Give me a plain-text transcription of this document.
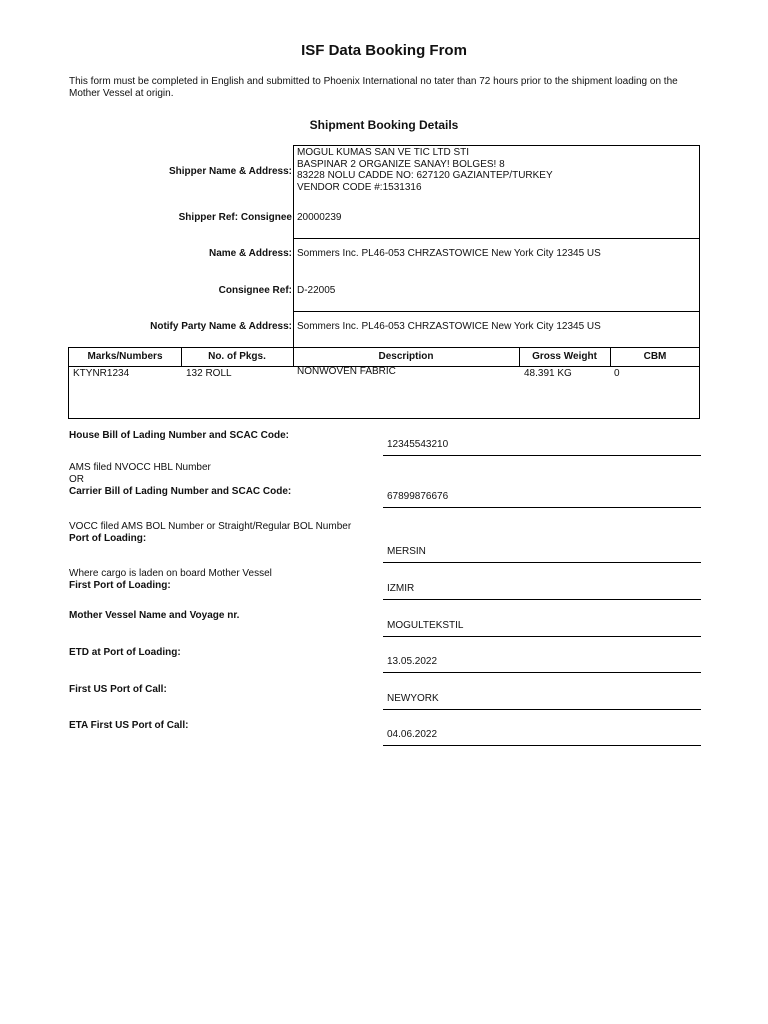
ISF Data Booking From
This form must be completed in English and submitted to Phoenix International no tater than 72 hours prior to the shipment loading on the Mother Vessel at origin.
Shipment Booking Details
Shipper Name & Address:
MOGUL KUMAS SAN VE TIC LTD STI
BASPINAR 2 ORGANIZE SANAY! BOLGES! 8
83228 NOLU CADDE NO: 627120 GAZIANTEP/TURKEY
VENDOR CODE #:1531316
Shipper Ref: Consignee 20000239
Name & Address: Sommers Inc. PL46-053 CHRZASTOWICE New York City 12345 US
Consignee Ref: D-22005
Notify Party Name & Address: Sommers Inc. PL46-053 CHRZASTOWICE New York City 12345 US
Marks/Numbers	No. of Pkgs.	Description	Gross Weight	CBM
KTYNR1234	132 ROLL	NONWOVEN FABRIC	48.391 KG	0
House Bill of Lading Number and SCAC Code:
12345543210
AMS filed NVOCC HBL Number
OR
Carrier Bill of Lading Number and SCAC Code:	67899876676
VOCC filed AMS BOL Number or Straight/Regular BOL Number
Port of Loading:
MERSIN
Where cargo is laden on board Mother Vessel
First Port of Loading:	IZMIR
Mother Vessel Name and Voyage nr.
MOGULTEKSTIL
ETD at Port of Loading:
13.05.2022
First US Port of Call:
NEWYORK
ETA First US Port of Call:
04.06.2022
